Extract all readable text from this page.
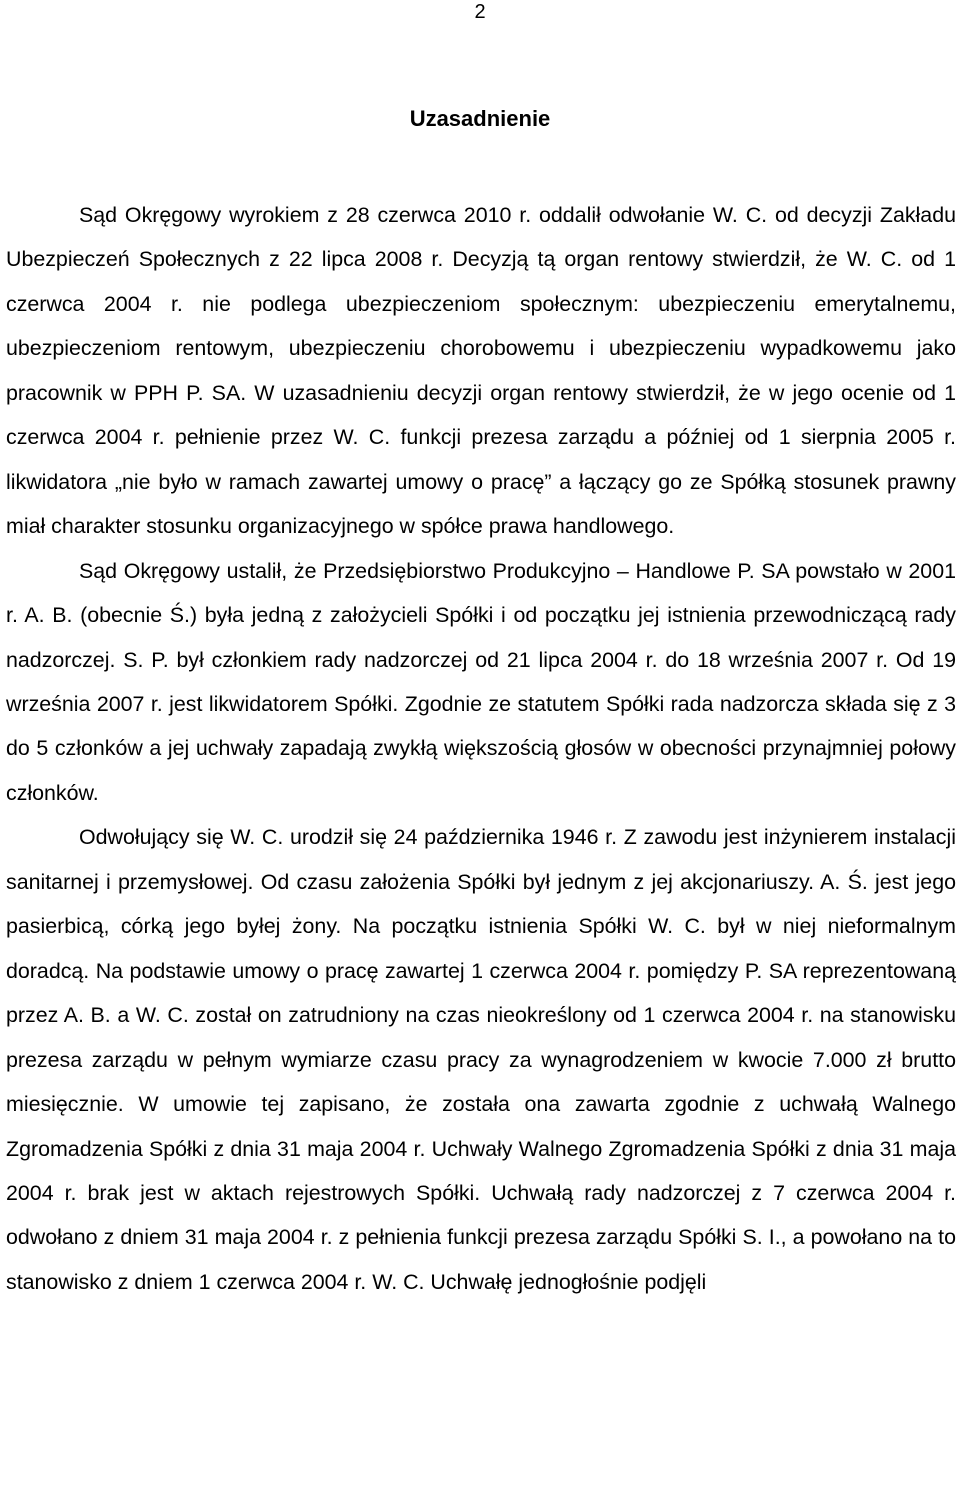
2
Uzasadnienie

Sąd Okręgowy wyrokiem z 28 czerwca 2010 r. oddalił odwołanie W. C. od decyzji Zakładu Ubezpieczeń Społecznych z 22 lipca 2008 r. Decyzją tą organ rentowy stwierdził, że W. C. od 1 czerwca 2004 r. nie podlega ubezpieczeniom społecznym: ubezpieczeniu emerytalnemu, ubezpieczeniom rentowym, ubezpieczeniu chorobowemu i ubezpieczeniu wypadkowemu jako pracownik w PPH P. SA. W uzasadnieniu decyzji organ rentowy stwierdził, że w jego ocenie od 1 czerwca 2004 r. pełnienie przez W. C. funkcji prezesa zarządu a później od 1 sierpnia 2005 r. likwidatora „nie było w ramach zawartej umowy o pracę” a łączący go ze Spółką stosunek prawny miał charakter stosunku organizacyjnego w spółce prawa handlowego.

Sąd Okręgowy ustalił, że Przedsiębiorstwo Produkcyjno – Handlowe P. SA powstało w 2001 r. A. B. (obecnie Ś.) była jedną z założycieli Spółki i od początku jej istnienia przewodniczącą rady nadzorczej. S. P. był członkiem rady nadzorczej od 21 lipca 2004 r. do 18 września 2007 r. Od 19 września 2007 r. jest likwidatorem Spółki. Zgodnie ze statutem Spółki rada nadzorcza składa się z 3 do 5 członków a jej uchwały zapadają zwykłą większością głosów w obecności przynajmniej połowy członków.

Odwołujący się W. C. urodził się 24 października 1946 r. Z zawodu jest inżynierem instalacji sanitarnej i przemysłowej. Od czasu założenia Spółki był jednym z jej akcjonariuszy. A. Ś. jest jego pasierbicą, córką jego byłej żony. Na początku istnienia Spółki W. C. był w niej nieformalnym doradcą. Na podstawie umowy o pracę zawartej 1 czerwca 2004 r. pomiędzy P. SA reprezentowaną przez A. B. a W. C. został on zatrudniony na czas nieokreślony od 1 czerwca 2004 r. na stanowisku prezesa zarządu w pełnym wymiarze czasu pracy za wynagrodzeniem w kwocie 7.000 zł brutto miesięcznie. W umowie tej zapisano, że została ona zawarta zgodnie z uchwałą Walnego Zgromadzenia Spółki z dnia 31 maja 2004 r. Uchwały Walnego Zgromadzenia Spółki z dnia 31 maja 2004 r. brak jest w aktach rejestrowych Spółki. Uchwałą rady nadzorczej z 7 czerwca 2004 r. odwołano z dniem 31 maja 2004 r. z pełnienia funkcji prezesa zarządu Spółki S. I., a powołano na to stanowisko z dniem 1 czerwca 2004 r. W. C. Uchwałę jednogłośnie podjęli
